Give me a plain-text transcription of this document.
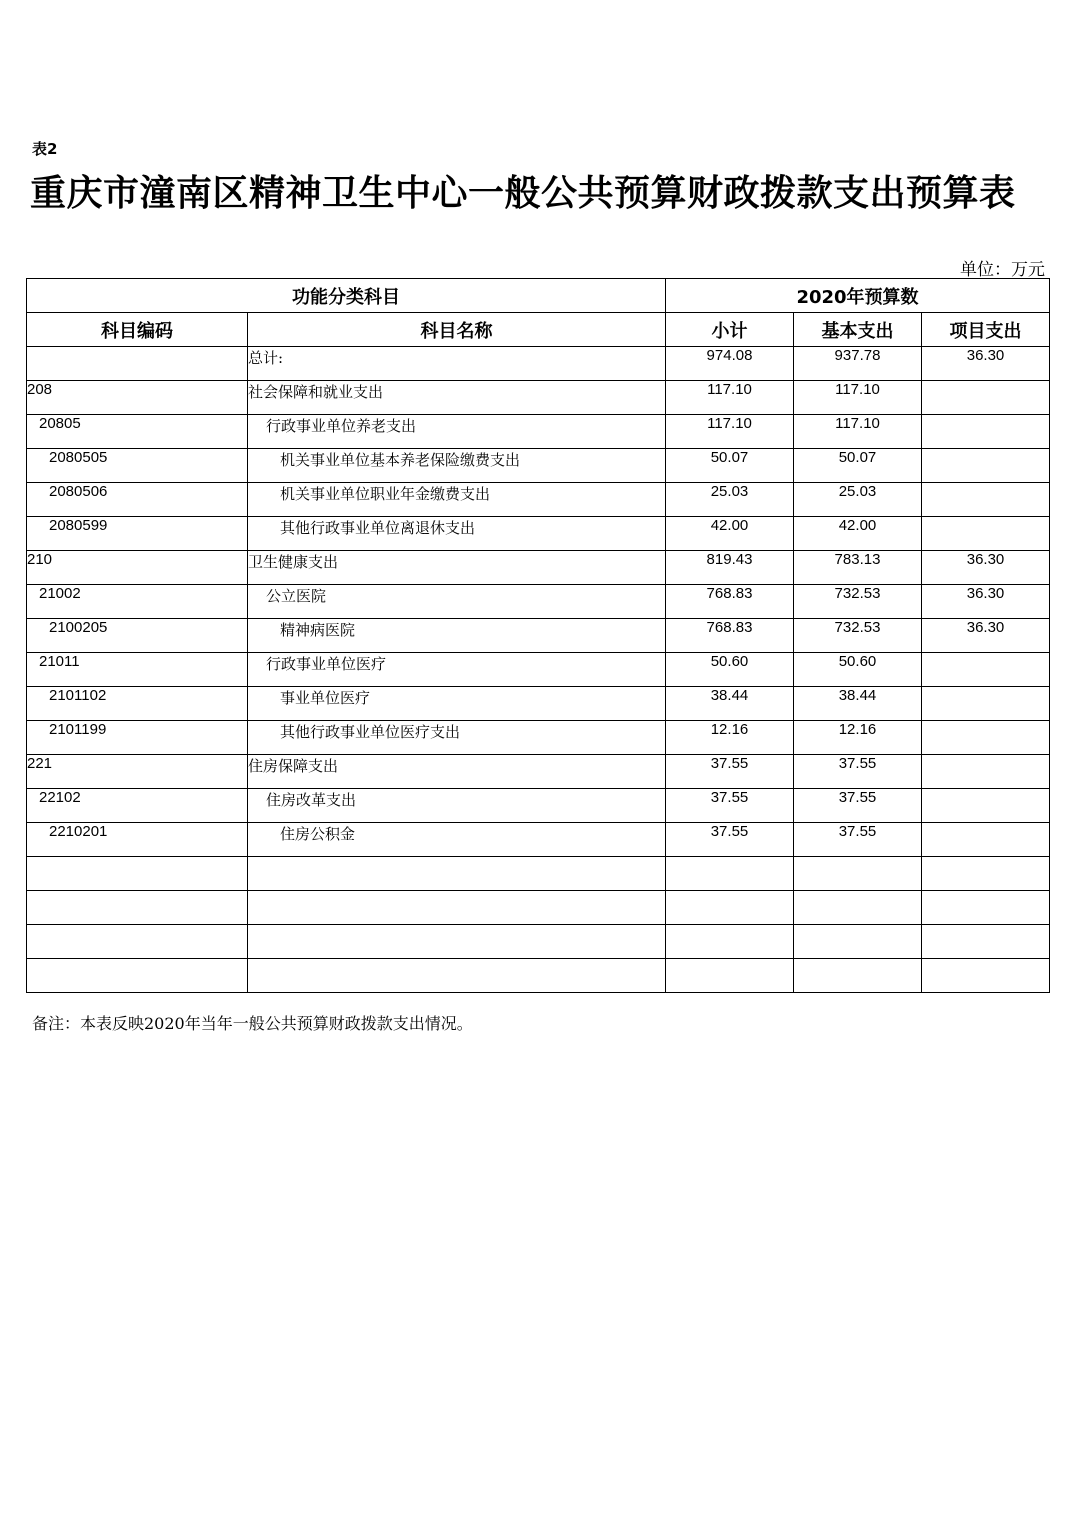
表2
重庆市潼南区精神卫生中心一般公共预算财政拨款支出预算表
单位：万元
功能分类科目		2020年预算数		
科目编码	科目名称	小计	基本支出	项目支出
	总计:	974.08	937.78	36.30
208	社会保障和就业支出	117.10	117.10	
20805	行政事业单位养老支出	117.10	117.10	
2080505	机关事业单位基本养老保险缴费支出	50.07	50.07	
2080506	机关事业单位职业年金缴费支出	25.03	25.03	
2080599	其他行政事业单位离退休支出	42.00	42.00	
210	卫生健康支出	819.43	783.13	36.30
21002	公立医院	768.83	732.53	36.30
2100205	精神病医院	768.83	732.53	36.30
21011	行政事业单位医疗	50.60	50.60	
2101102	事业单位医疗	38.44	38.44	
2101199	其他行政事业单位医疗支出	12.16	12.16	
221	住房保障支出	37.55	37.55	
22102	住房改革支出	37.55	37.55	
2210201	住房公积金	37.55	37.55	

备注：本表反映2020年当年一般公共预算财政拨款支出情况。
